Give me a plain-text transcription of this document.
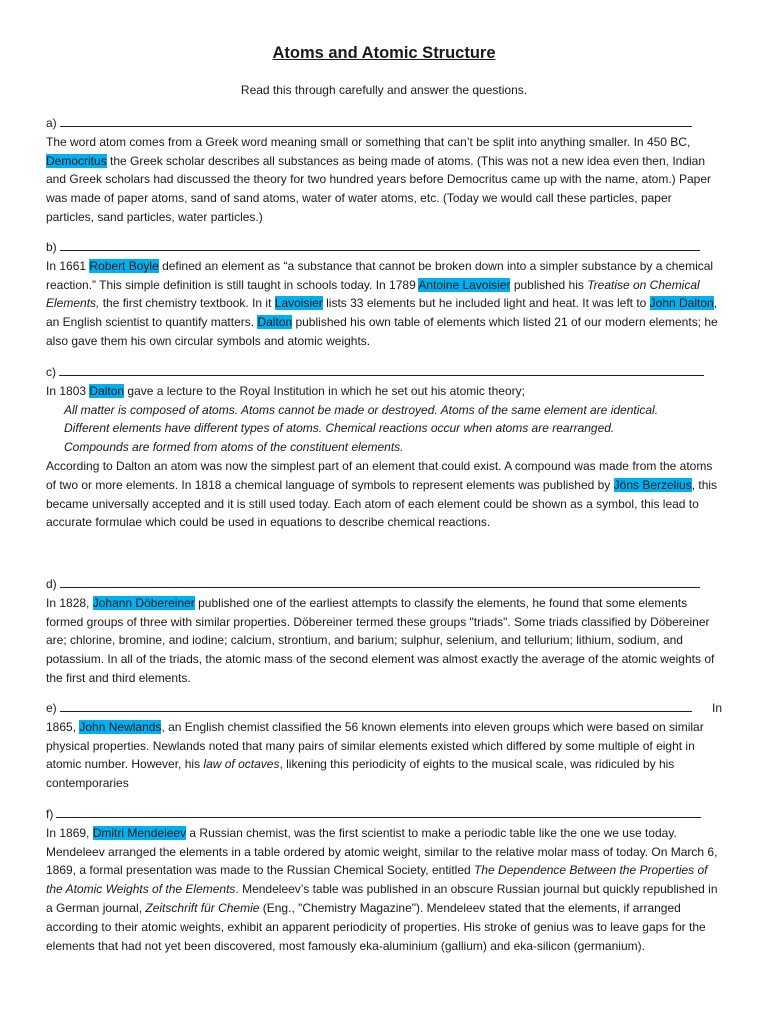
Atoms and Atomic Structure

Read this through carefully and answer the questions.

a)

The word atom comes from a Greek word meaning small or something that can’t be split into anything smaller. In 450 BC, Democritus the Greek scholar describes all substances as being made of atoms. (This was not a new idea even then, Indian and Greek scholars had discussed the theory for two hundred years before Democritus came up with the name, atom.) Paper was made of paper atoms, sand of sand atoms, water of water atoms, etc. (Today we would call these particles, paper particles, sand particles, water particles.)

b)

In 1661 Robert Boyle defined an element as “a substance that cannot be broken down into a simpler substance by a chemical reaction.” This simple definition is still taught in schools today. In 1789 Antoine Lavoisier published his Treatise on Chemical Elements, the first chemistry textbook. In it Lavoisier lists 33 elements but he included light and heat. It was left to John Dalton, an English scientist to quantify matters. Dalton published his own table of elements which listed 21 of our modern elements; he also gave them his own circular symbols and atomic weights.

c)

In 1803 Dalton gave a lecture to the Royal Institution in which he set out his atomic theory;

All matter is composed of atoms. Atoms cannot be made or destroyed. Atoms of the same element are identical.

Different elements have different types of atoms. Chemical reactions occur when atoms are rearranged.

Compounds are formed from atoms of the constituent elements.

According to Dalton an atom was now the simplest part of an element that could exist. A compound was made from the atoms of two or more elements. In 1818 a chemical language of symbols to represent elements was published by Jöns Berzelius, this became universally accepted and it is still used today. Each atom of each element could be shown as a symbol, this lead to accurate formulae which could be used in equations to describe chemical reactions.

d)

In 1828, Johann Döbereiner published one of the earliest attempts to classify the elements, he found that some elements formed groups of three with similar properties. Döbereiner termed these groups "triads". Some triads classified by Döbereiner are; chlorine, bromine, and iodine; calcium, strontium, and barium; sulphur, selenium, and tellurium; lithium, sodium, and potassium. In all of the triads, the atomic mass of the second element was almost exactly the average of the atomic weights of the first and third elements.

e)	In

1865, John Newlands, an English chemist classified the 56 known elements into eleven groups which were based on similar physical properties. Newlands noted that many pairs of similar elements existed which differed by some multiple of eight in atomic number. However, his law of octaves, likening this periodicity of eights to the musical scale, was ridiculed by his contemporaries

f)

In 1869, Dmitri Mendeleev a Russian chemist, was the first scientist to make a periodic table like the one we use today. Mendeleev arranged the elements in a table ordered by atomic weight, similar to the relative molar mass of today. On March 6, 1869, a formal presentation was made to the Russian Chemical Society, entitled The Dependence Between the Properties of the Atomic Weights of the Elements. Mendeleev’s table was published in an obscure Russian journal but quickly republished in a German journal, Zeitschrift für Chemie (Eng., "Chemistry Magazine"). Mendeleev stated that the elements, if arranged according to their atomic weights, exhibit an apparent periodicity of properties. His stroke of genius was to leave gaps for the elements that had not yet been discovered, most famously eka-aluminium (gallium) and eka-silicon (germanium).
